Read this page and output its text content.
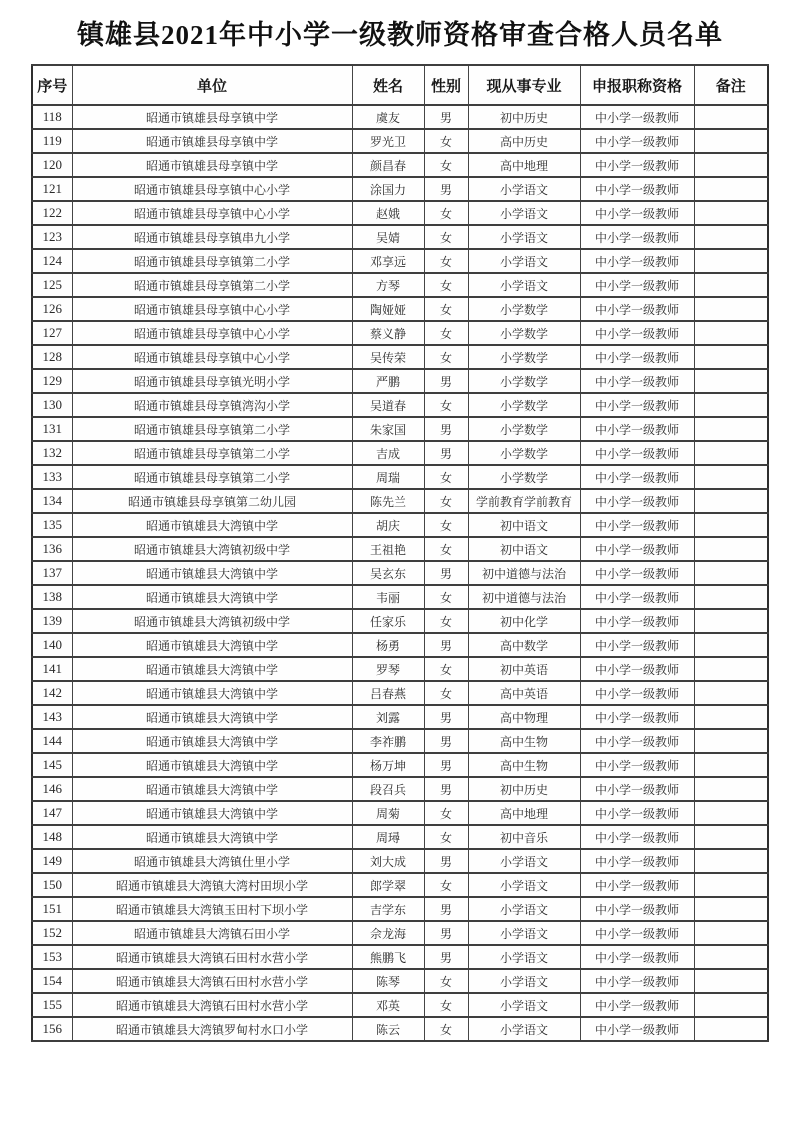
镇雄县2021年中小学一级教师资格审查合格人员名单
序号	单位	姓名	性别	现从事专业	申报职称资格	备注
118	昭通市镇雄县母享镇中学	虞友	男	初中历史	中小学一级教师	
119	昭通市镇雄县母享镇中学	罗光卫	女	高中历史	中小学一级教师	
120	昭通市镇雄县母享镇中学	颜昌春	女	高中地理	中小学一级教师	
121	昭通市镇雄县母享镇中心小学	涂国力	男	小学语文	中小学一级教师	
122	昭通市镇雄县母享镇中心小学	赵娥	女	小学语文	中小学一级教师	
123	昭通市镇雄县母享镇串九小学	吴婧	女	小学语文	中小学一级教师	
124	昭通市镇雄县母享镇第二小学	邓享远	女	小学语文	中小学一级教师	
125	昭通市镇雄县母享镇第二小学	方琴	女	小学语文	中小学一级教师	
126	昭通市镇雄县母享镇中心小学	陶娅娅	女	小学数学	中小学一级教师	
127	昭通市镇雄县母享镇中心小学	蔡义静	女	小学数学	中小学一级教师	
128	昭通市镇雄县母享镇中心小学	吴传荣	女	小学数学	中小学一级教师	
129	昭通市镇雄县母享镇光明小学	严鹏	男	小学数学	中小学一级教师	
130	昭通市镇雄县母享镇湾沟小学	吴道春	女	小学数学	中小学一级教师	
131	昭通市镇雄县母享镇第二小学	朱家国	男	小学数学	中小学一级教师	
132	昭通市镇雄县母享镇第二小学	吉成	男	小学数学	中小学一级教师	
133	昭通市镇雄县母享镇第二小学	周瑞	女	小学数学	中小学一级教师	
134	昭通市镇雄县母享镇第二幼儿园	陈先兰	女	学前教育学前教育	中小学一级教师	
135	昭通市镇雄县大湾镇中学	胡庆	女	初中语文	中小学一级教师	
136	昭通市镇雄县大湾镇初级中学	王祖艳	女	初中语文	中小学一级教师	
137	昭通市镇雄县大湾镇中学	吴玄东	男	初中道德与法治	中小学一级教师	
138	昭通市镇雄县大湾镇中学	韦丽	女	初中道德与法治	中小学一级教师	
139	昭通市镇雄县大湾镇初级中学	任家乐	女	初中化学	中小学一级教师	
140	昭通市镇雄县大湾镇中学	杨勇	男	高中数学	中小学一级教师	
141	昭通市镇雄县大湾镇中学	罗琴	女	初中英语	中小学一级教师	
142	昭通市镇雄县大湾镇中学	吕春燕	女	高中英语	中小学一级教师	
143	昭通市镇雄县大湾镇中学	刘露	男	高中物理	中小学一级教师	
144	昭通市镇雄县大湾镇中学	李祚鹏	男	高中生物	中小学一级教师	
145	昭通市镇雄县大湾镇中学	杨万坤	男	高中生物	中小学一级教师	
146	昭通市镇雄县大湾镇中学	段召兵	男	初中历史	中小学一级教师	
147	昭通市镇雄县大湾镇中学	周菊	女	高中地理	中小学一级教师	
148	昭通市镇雄县大湾镇中学	周璕	女	初中音乐	中小学一级教师	
149	昭通市镇雄县大湾镇仕里小学	刘大成	男	小学语文	中小学一级教师	
150	昭通市镇雄县大湾镇大湾村田坝小学	郎学翠	女	小学语文	中小学一级教师	
151	昭通市镇雄县大湾镇玉田村下坝小学	吉学东	男	小学语文	中小学一级教师	
152	昭通市镇雄县大湾镇石田小学	佘龙海	男	小学语文	中小学一级教师	
153	昭通市镇雄县大湾镇石田村水营小学	熊鹏飞	男	小学语文	中小学一级教师	
154	昭通市镇雄县大湾镇石田村水营小学	陈琴	女	小学语文	中小学一级教师	
155	昭通市镇雄县大湾镇石田村水营小学	邓英	女	小学语文	中小学一级教师	
156	昭通市镇雄县大湾镇罗甸村水口小学	陈云	女	小学语文	中小学一级教师	
